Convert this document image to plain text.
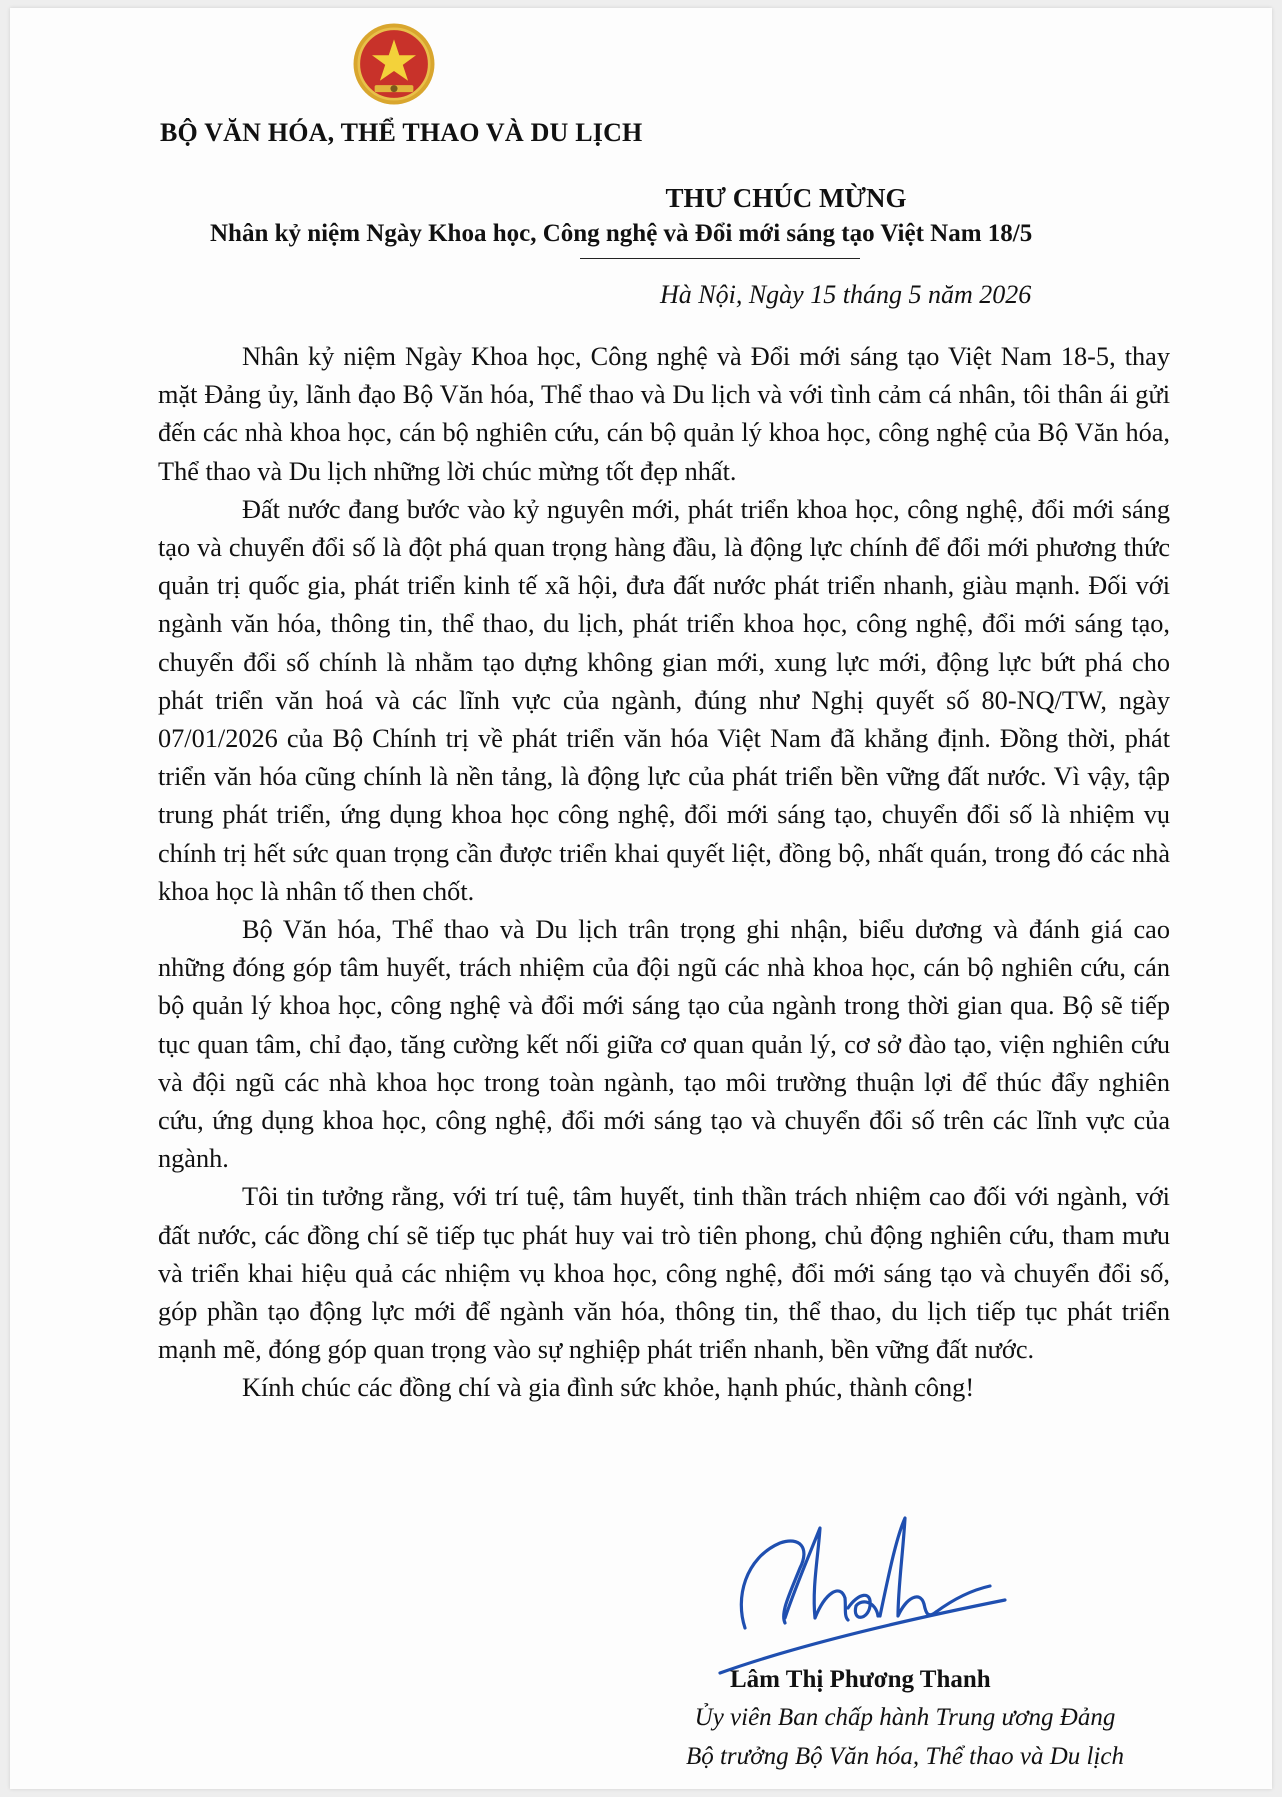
BỘ VĂN HÓA, THỂ THAO VÀ DU LỊCH
THƯ CHÚC MỪNG
Nhân kỷ niệm Ngày Khoa học, Công nghệ và Đổi mới sáng tạo Việt Nam 18/5
Hà Nội, Ngày 15 tháng 5 năm 2026

Nhân kỷ niệm Ngày Khoa học, Công nghệ và Đổi mới sáng tạo Việt Nam 18-5, thay mặt Đảng ủy, lãnh đạo Bộ Văn hóa, Thể thao và Du lịch và với tình cảm cá nhân, tôi thân ái gửi đến các nhà khoa học, cán bộ nghiên cứu, cán bộ quản lý khoa học, công nghệ của Bộ Văn hóa, Thể thao và Du lịch những lời chúc mừng tốt đẹp nhất.

Đất nước đang bước vào kỷ nguyên mới, phát triển khoa học, công nghệ, đổi mới sáng tạo và chuyển đổi số là đột phá quan trọng hàng đầu, là động lực chính để đổi mới phương thức quản trị quốc gia, phát triển kinh tế xã hội, đưa đất nước phát triển nhanh, giàu mạnh. Đối với ngành văn hóa, thông tin, thể thao, du lịch, phát triển khoa học, công nghệ, đổi mới sáng tạo, chuyển đổi số chính là nhằm tạo dựng không gian mới, xung lực mới, động lực bứt phá cho phát triển văn hoá và các lĩnh vực của ngành, đúng như Nghị quyết số 80-NQ/TW, ngày 07/01/2026 của Bộ Chính trị về phát triển văn hóa Việt Nam đã khẳng định. Đồng thời, phát triển văn hóa cũng chính là nền tảng, là động lực của phát triển bền vững đất nước. Vì vậy, tập trung phát triển, ứng dụng khoa học công nghệ, đổi mới sáng tạo, chuyển đổi số là nhiệm vụ chính trị hết sức quan trọng cần được triển khai quyết liệt, đồng bộ, nhất quán, trong đó các nhà khoa học là nhân tố then chốt.

Bộ Văn hóa, Thể thao và Du lịch trân trọng ghi nhận, biểu dương và đánh giá cao những đóng góp tâm huyết, trách nhiệm của đội ngũ các nhà khoa học, cán bộ nghiên cứu, cán bộ quản lý khoa học, công nghệ và đổi mới sáng tạo của ngành trong thời gian qua. Bộ sẽ tiếp tục quan tâm, chỉ đạo, tăng cường kết nối giữa cơ quan quản lý, cơ sở đào tạo, viện nghiên cứu và đội ngũ các nhà khoa học trong toàn ngành, tạo môi trường thuận lợi để thúc đẩy nghiên cứu, ứng dụng khoa học, công nghệ, đổi mới sáng tạo và chuyển đổi số trên các lĩnh vực của ngành.

Tôi tin tưởng rằng, với trí tuệ, tâm huyết, tinh thần trách nhiệm cao đối với ngành, với đất nước, các đồng chí sẽ tiếp tục phát huy vai trò tiên phong, chủ động nghiên cứu, tham mưu và triển khai hiệu quả các nhiệm vụ khoa học, công nghệ, đổi mới sáng tạo và chuyển đổi số, góp phần tạo động lực mới để ngành văn hóa, thông tin, thể thao, du lịch tiếp tục phát triển mạnh mẽ, đóng góp quan trọng vào sự nghiệp phát triển nhanh, bền vững đất nước.

Kính chúc các đồng chí và gia đình sức khỏe, hạnh phúc, thành công!

Lâm Thị Phương Thanh
Ủy viên Ban chấp hành Trung ương Đảng
Bộ trưởng Bộ Văn hóa, Thể thao và Du lịch
